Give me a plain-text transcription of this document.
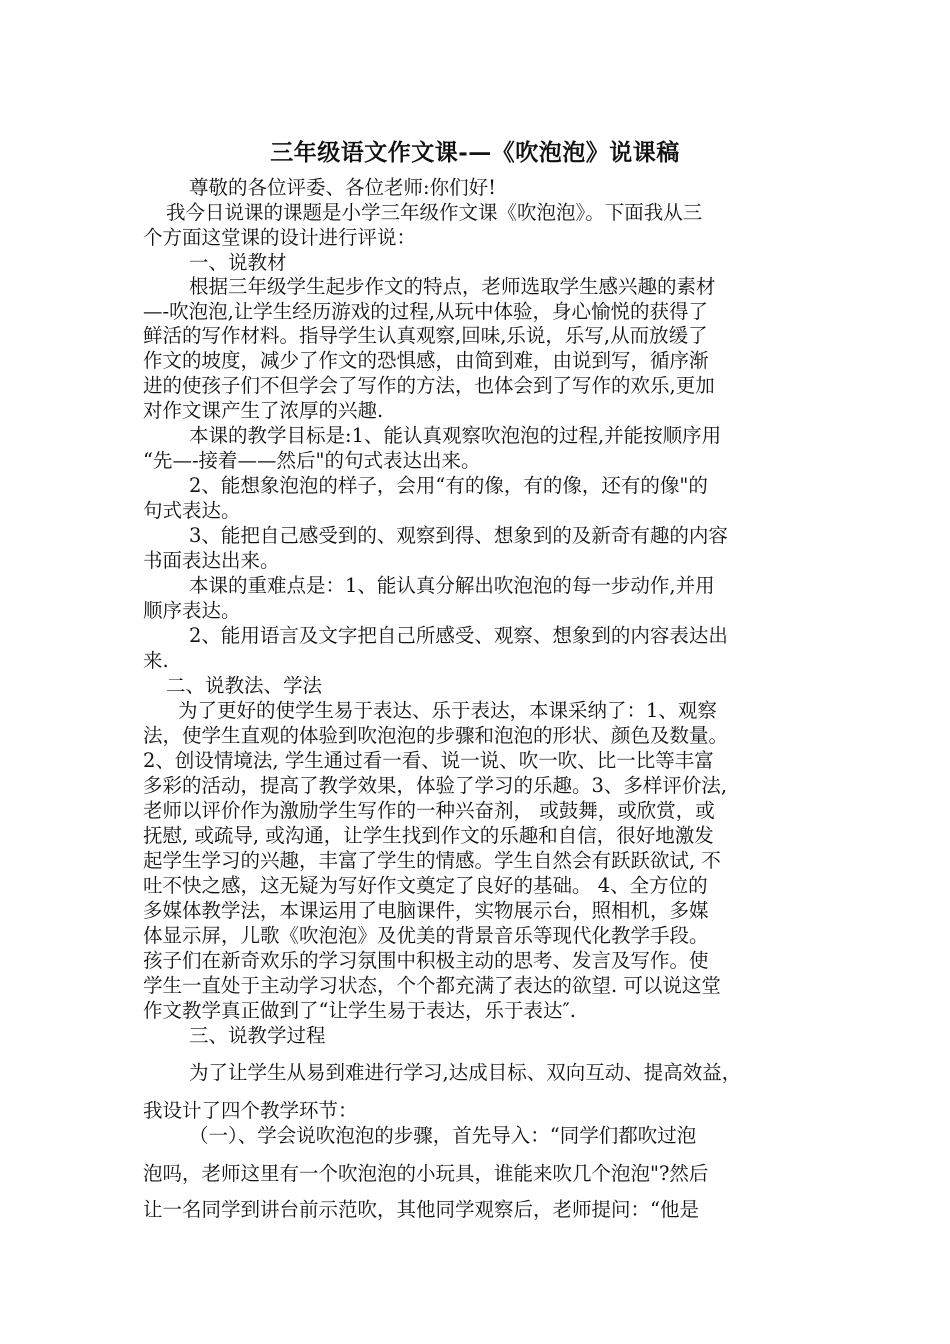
三年级语文作文课-—《吹泡泡》说课稿
尊敬的各位评委、各位老师:你们好!
我今日说课的课题是小学三年级作文课《吹泡泡》。下面我从三
个方面这堂课的设计进行评说：
一、说教材
根据三年级学生起步作文的特点，老师选取学生感兴趣的素材
—-吹泡泡,让学生经历游戏的过程,从玩中体验，身心愉悦的获得了
鲜活的写作材料。指导学生认真观察,回味,乐说，乐写,从而放缓了
作文的坡度，减少了作文的恐惧感，由简到难，由说到写，循序渐
进的使孩子们不但学会了写作的方法，也体会到了写作的欢乐,更加
对作文课产生了浓厚的兴趣.
本课的教学目标是:1、能认真观察吹泡泡的过程,并能按顺序用
“先—-接着——然后"的句式表达出来。
2、能想象泡泡的样子，会用“有的像，有的像，还有的像"的
句式表达。
3、能把自己感受到的、观察到得、想象到的及新奇有趣的内容
书面表达出来。
本课的重难点是：1、能认真分解出吹泡泡的每一步动作,并用
顺序表达。
2、能用语言及文字把自己所感受、观察、想象到的内容表达出
来.
二、说教法、学法
为了更好的使学生易于表达、乐于表达，本课采纳了：1、观察
法，使学生直观的体验到吹泡泡的步骤和泡泡的形状、颜色及数量。
2、创设情境法, 学生通过看一看、说一说、吹一吹、比一比等丰富
多彩的活动，提高了教学效果，体验了学习的乐趣。3、多样评价法,
老师以评价作为激励学生写作的一种兴奋剂， 或鼓舞，或欣赏，或
抚慰, 或疏导, 或沟通，让学生找到作文的乐趣和自信，很好地激发
起学生学习的兴趣，丰富了学生的情感。学生自然会有跃跃欲试, 不
吐不快之感，这无疑为写好作文奠定了良好的基础。 4、全方位的
多媒体教学法，本课运用了电脑课件，实物展示台，照相机，多媒
体显示屏，儿歌《吹泡泡》及优美的背景音乐等现代化教学手段。
孩子们在新奇欢乐的学习氛围中积极主动的思考、发言及写作。使
学生一直处于主动学习状态，个个都充满了表达的欲望. 可以说这堂
作文教学真正做到了“让学生易于表达，乐于表达″.
三、说教学过程
为了让学生从易到难进行学习,达成目标、双向互动、提高效益，
我设计了四个教学环节：
（一）、学会说吹泡泡的步骤，首先导入：“同学们都吹过泡
泡吗，老师这里有一个吹泡泡的小玩具，谁能来吹几个泡泡"?然后
让一名同学到讲台前示范吹，其他同学观察后，老师提问：“他是
